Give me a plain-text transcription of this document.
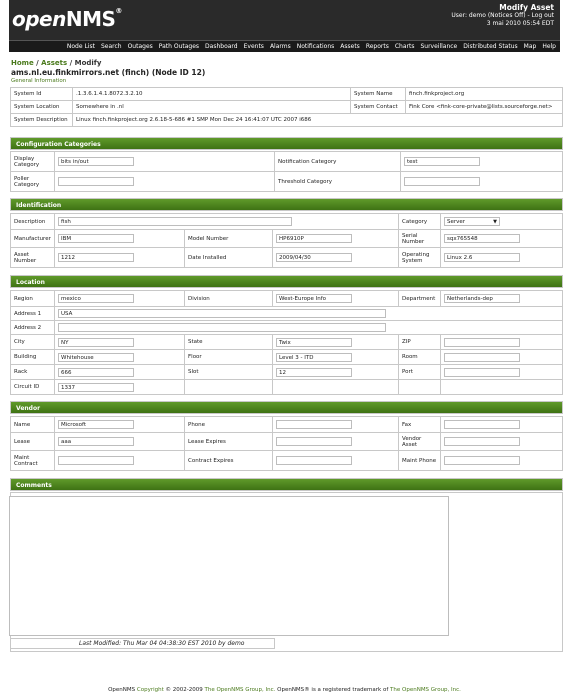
openNMS®	Modify Asset
User: demo (Notices Off) - Log out
3 mai 2010 05:54 EDT
Node List Search Outages Path Outages Dashboard Events Alarms Notifications Assets Reports Charts Surveillance Distributed Status Map Help
Home / Assets / Modify
ams.nl.eu.finkmirrors.net (finch) (Node ID 12)
General Information
System Id	.1.3.6.1.4.1.8072.3.2.10	System Name	finch.finkproject.org
System Location	Somewhere in .nl	System Contact	Fink Core <fink-core-private@lists.sourceforge.net>
System Description	Linux finch.finkproject.org 2.6.18-5-686 #1 SMP Mon Dec 24 16:41:07 UTC 2007 i686		
Configuration Categories
Display Category	bits in/out	Notification Category	test
Poller Category		Threshold Category	
Identification
Description	fish			Category	Server ▼

Manufacturer	IBM	Model Number	HP6910P	Serial Number	sqx765548
Asset Number	1212	Date Installed	2009/04/30	Operating System	Linux 2.6
Location
Region	mexico	Division	West-Europe Info	Department	Netherlands-dep
Address 1	USA				
Address 2					
City	NY	State	Twix	ZIP	
Building	Whitehouse	Floor	Level 3 - ITD	Room	
Rack	666	Slot	12	Port	
Circuit ID	1337				
Vendor
Name	Microsoft	Phone		Fax	
Lease	aaa	Lease Expires		Vendor Asset	
Maint Contract		Contract Expires		Maint Phone	
Comments
Last Modified: Thu Mar 04 04:38:30 EST 2010 by demo
OpenNMS Copyright © 2002-2009 The OpenNMS Group, Inc. OpenNMS® is a registered trademark of The OpenNMS Group, Inc.
